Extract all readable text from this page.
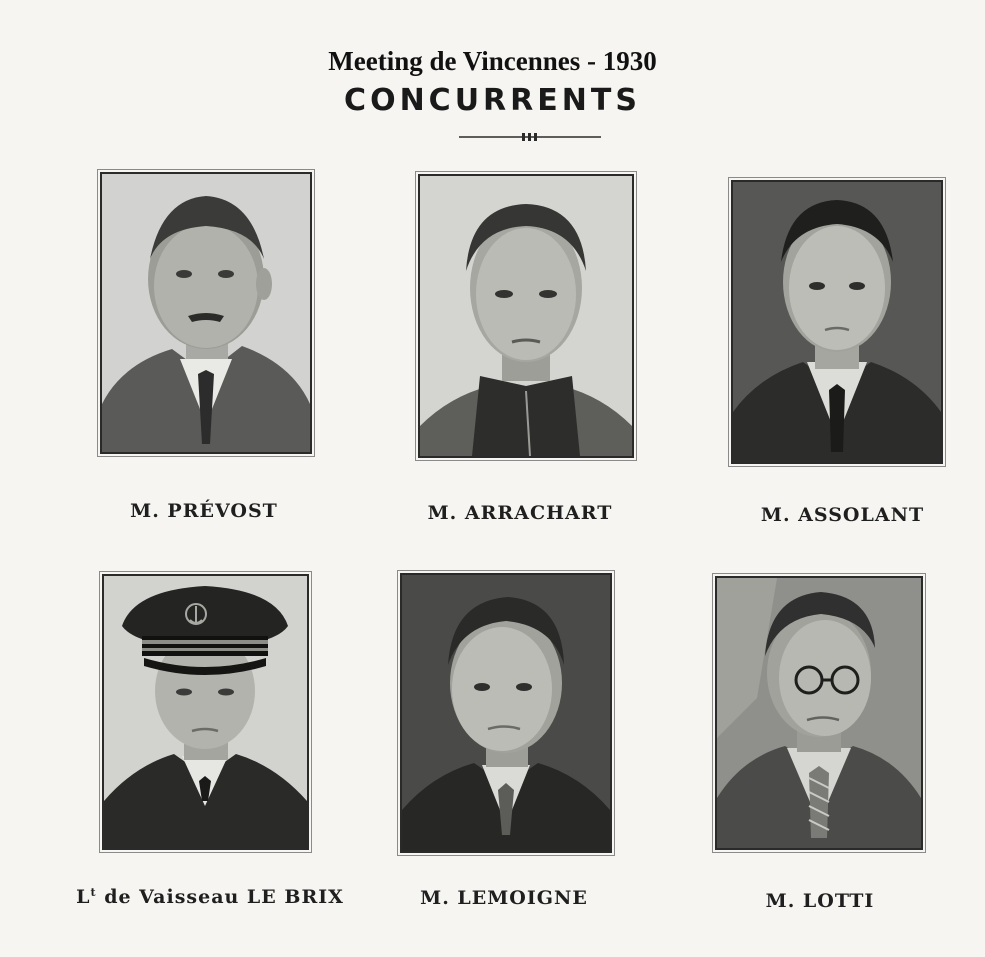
Meeting de Vincennes - 1930
CONCURRENTS
M. PRÉVOST	M. ARRACHART	M. ASSOLANT
$L^t$ de Vaisseau LE BRIX	M. LEMOIGNE	M. LOTTI
